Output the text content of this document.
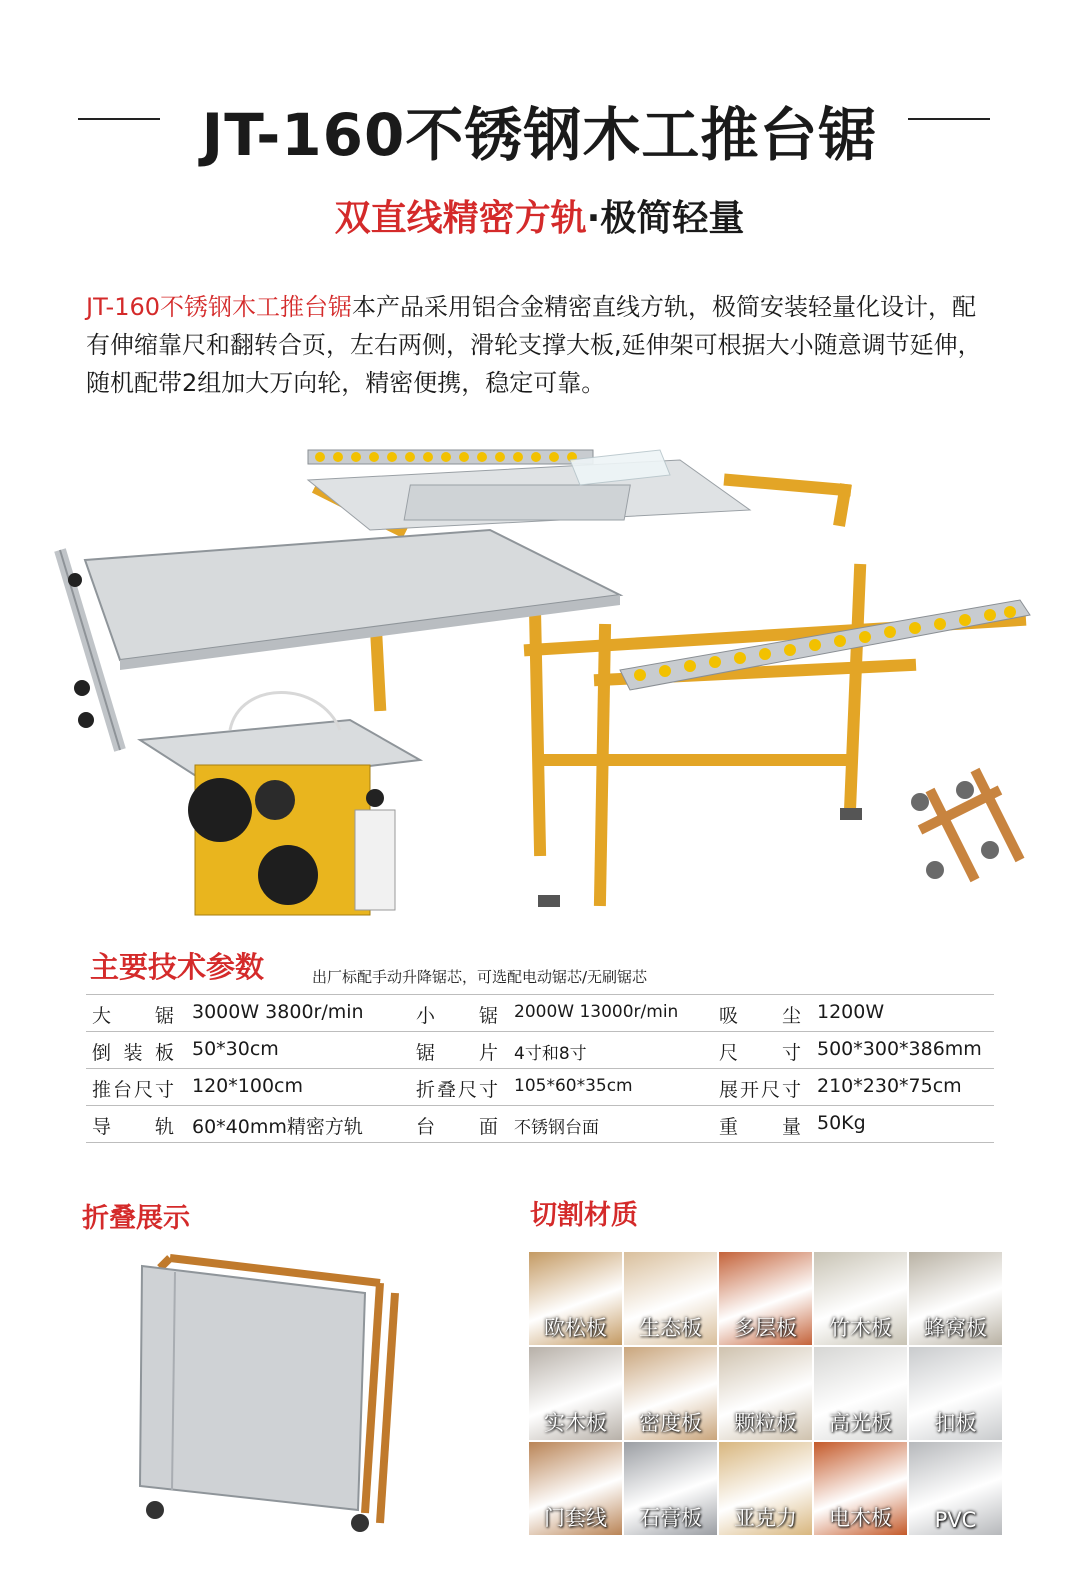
JT-160不锈钢木工推台锯
双直线精密方轨·极简轻量
JT-160不锈钢木工推台锯本产品采用铝合金精密直线方轨，极简安装轻量化设计，配有伸缩靠尺和翻转合页，左右两侧，滑轮支撑大板,延伸架可根据大小随意调节延伸，随机配带2组加大万向轮，精密便携，稳定可靠。
主要技术参数	出厂标配手动升降锯芯，可选配电动锯芯/无刷锯芯
大锯 3000W 3800r/min	小锯 2000W 13000r/min 吸尘 1200W
倒装板 50*30cm	锯片 4寸和8寸	尺寸 500*300*386mm
推台尺寸 120*100cm	折叠尺寸 105*60*35cm	展开尺寸 210*230*75cm
导轨 60*40mm精密方轨	台面 不锈钢台面	重量 50Kg
折叠展示	切割材质
欧松板	生态板	多层板	竹木板	蜂窝板
实木板	密度板	颗粒板	高光板	扣板
门套线	石膏板	亚克力	电木板	PVC
